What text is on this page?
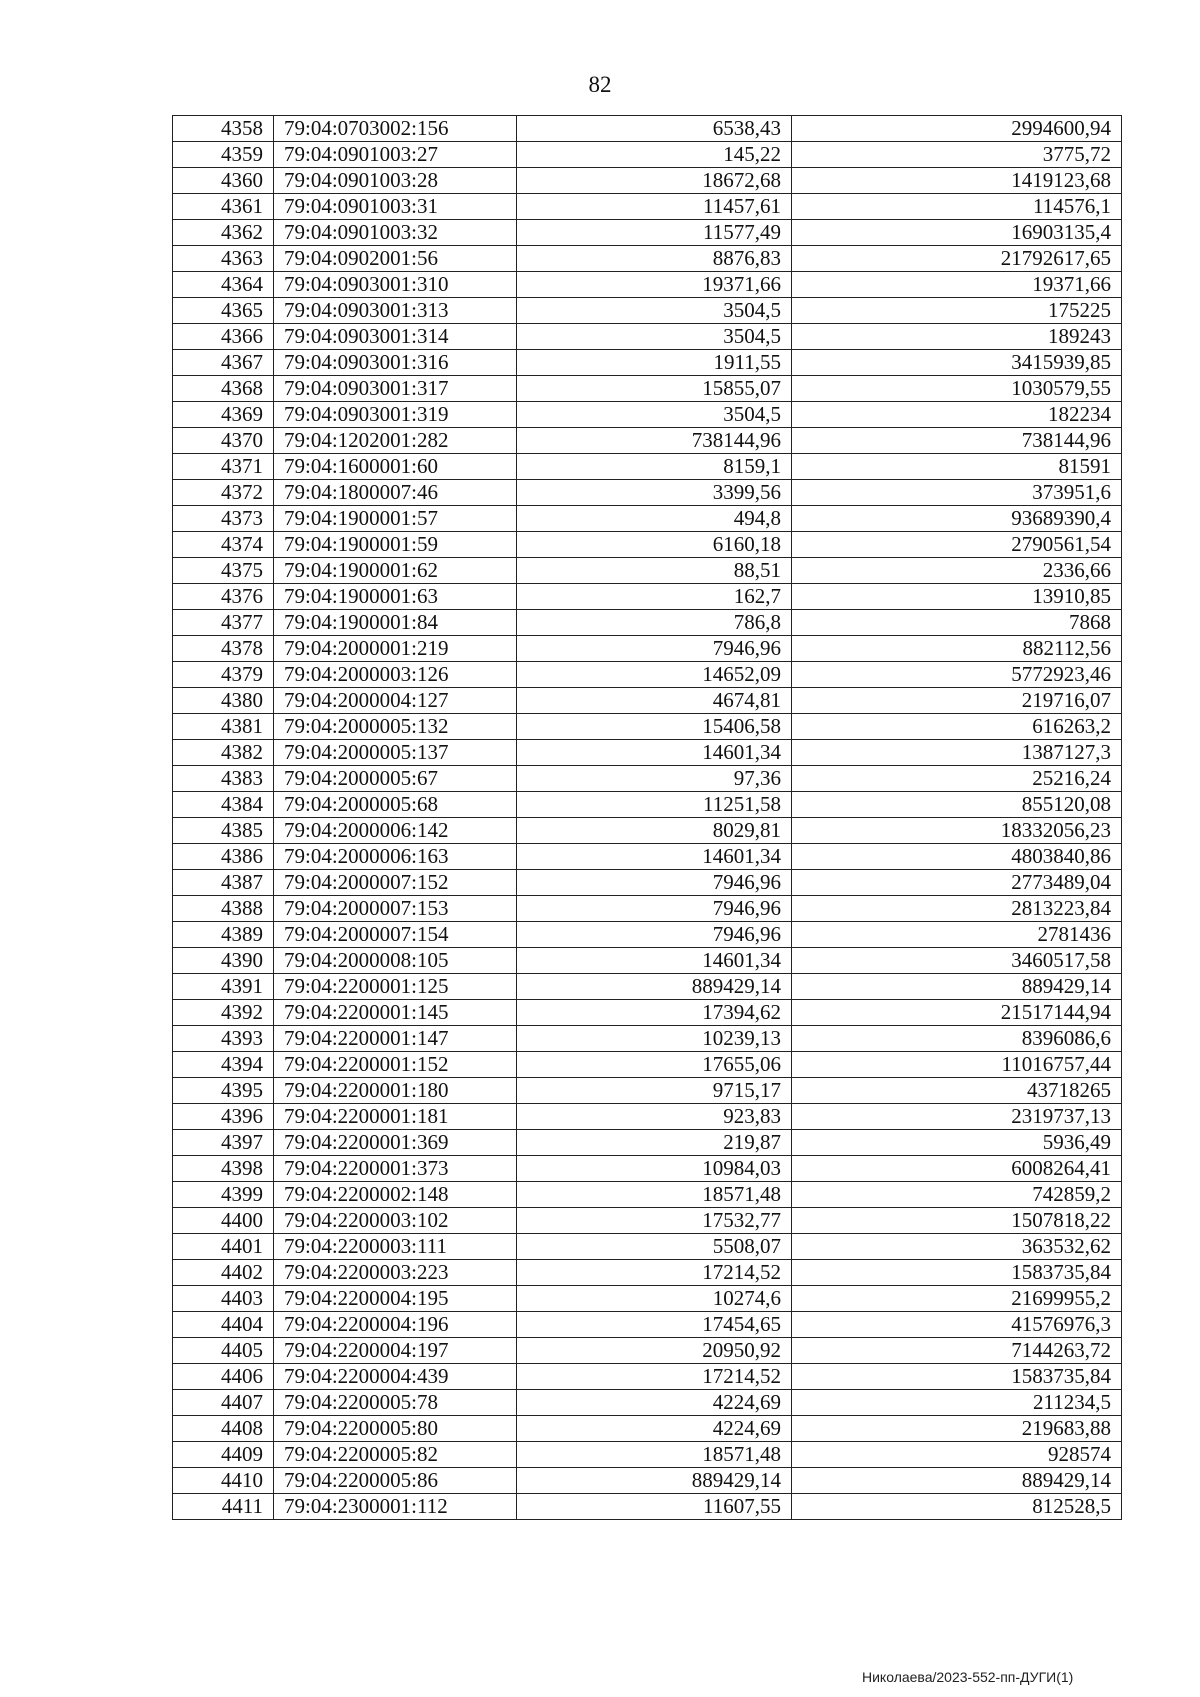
82
4358	79:04:0703002:156	6538,43	2994600,94
4359	79:04:0901003:27	145,22	3775,72
4360	79:04:0901003:28	18672,68	1419123,68
4361	79:04:0901003:31	11457,61	114576,1
4362	79:04:0901003:32	11577,49	16903135,4
4363	79:04:0902001:56	8876,83	21792617,65
4364	79:04:0903001:310	19371,66	19371,66
4365	79:04:0903001:313	3504,5	175225
4366	79:04:0903001:314	3504,5	189243
4367	79:04:0903001:316	1911,55	3415939,85
4368	79:04:0903001:317	15855,07	1030579,55
4369	79:04:0903001:319	3504,5	182234
4370	79:04:1202001:282	738144,96	738144,96
4371	79:04:1600001:60	8159,1	81591
4372	79:04:1800007:46	3399,56	373951,6
4373	79:04:1900001:57	494,8	93689390,4
4374	79:04:1900001:59	6160,18	2790561,54
4375	79:04:1900001:62	88,51	2336,66
4376	79:04:1900001:63	162,7	13910,85
4377	79:04:1900001:84	786,8	7868
4378	79:04:2000001:219	7946,96	882112,56
4379	79:04:2000003:126	14652,09	5772923,46
4380	79:04:2000004:127	4674,81	219716,07
4381	79:04:2000005:132	15406,58	616263,2
4382	79:04:2000005:137	14601,34	1387127,3
4383	79:04:2000005:67	97,36	25216,24
4384	79:04:2000005:68	11251,58	855120,08
4385	79:04:2000006:142	8029,81	18332056,23
4386	79:04:2000006:163	14601,34	4803840,86
4387	79:04:2000007:152	7946,96	2773489,04
4388	79:04:2000007:153	7946,96	2813223,84
4389	79:04:2000007:154	7946,96	2781436
4390	79:04:2000008:105	14601,34	3460517,58
4391	79:04:2200001:125	889429,14	889429,14
4392	79:04:2200001:145	17394,62	21517144,94
4393	79:04:2200001:147	10239,13	8396086,6
4394	79:04:2200001:152	17655,06	11016757,44
4395	79:04:2200001:180	9715,17	43718265
4396	79:04:2200001:181	923,83	2319737,13
4397	79:04:2200001:369	219,87	5936,49
4398	79:04:2200001:373	10984,03	6008264,41
4399	79:04:2200002:148	18571,48	742859,2
4400	79:04:2200003:102	17532,77	1507818,22
4401	79:04:2200003:111	5508,07	363532,62
4402	79:04:2200003:223	17214,52	1583735,84
4403	79:04:2200004:195	10274,6	21699955,2
4404	79:04:2200004:196	17454,65	41576976,3
4405	79:04:2200004:197	20950,92	7144263,72
4406	79:04:2200004:439	17214,52	1583735,84
4407	79:04:2200005:78	4224,69	211234,5
4408	79:04:2200005:80	4224,69	219683,88
4409	79:04:2200005:82	18571,48	928574
4410	79:04:2200005:86	889429,14	889429,14
4411	79:04:2300001:112	11607,55	812528,5
Николаева/2023-552-пп-ДУГИ(1)
